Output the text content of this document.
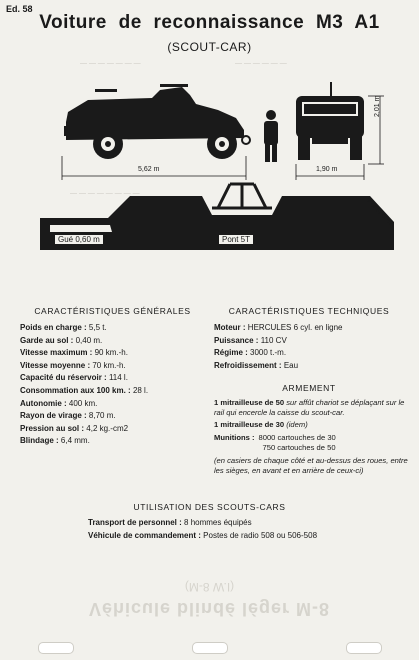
Ed. 58
Voiture de reconnaissance M3 A1
(SCOUT-CAR)
— — — — — — —	— — — — — —
— — — — — — — —
5,62 m	1,90 m
2,01 m
Gué 0,60 m	Pont 5T
Pente 60%
CARACTÉRISTIQUES GÉNÉRALES
Poids en charge : 5,5 t.
Garde au sol : 0,40 m.
Vitesse maximum : 90 km.-h.
Vitesse moyenne : 70 km.-h.
Capacité du réservoir : 114 l.
Consommation aux 100 km. : 28 l.
Autonomie : 400 km.
Rayon de virage : 8,70 m.
Pression au sol : 4,2 kg.-cm2
Blindage : 6,4 mm.
CARACTÉRISTIQUES TECHNIQUES
Moteur : HERCULES 6 cyl. en ligne
Puissance : 110 CV
Régime : 3000 t.-m.
Refroidissement : Eau
ARMEMENT
1 mitrailleuse de 50 sur affût chariot se déplaçant sur le rail qui encercle la caisse du scout-car.
1 mitrailleuse de 30 (idem)
Munitions : 8000 cartouches de 30
750 cartouches de 50
(en casiers de chaque côté et au-dessus des roues, entre les sièges, en avant et en arrière de ceux-ci)
UTILISATION DES SCOUTS-CARS
Transport de personnel : 8 hommes équipés
Véhicule de commandement : Postes de radio 508 ou 506-508
(M-8 W.I)
Véhicule blindé léger M-8
